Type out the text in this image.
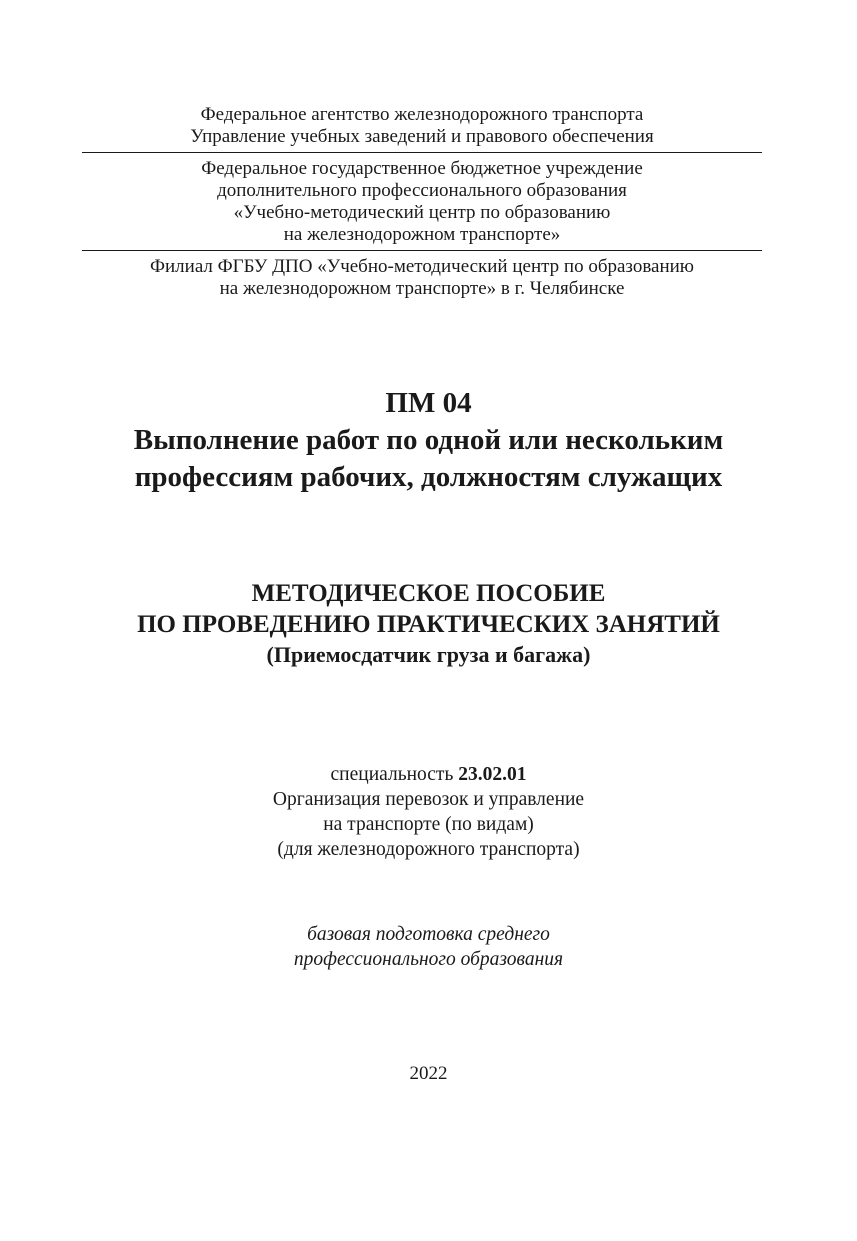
Федеральное агентство железнодорожного транспорта

Управление учебных заведений и правового обеспечения

Федеральное государственное бюджетное учреждение

дополнительного профессионального образования

«Учебно-методический центр по образованию

на железнодорожном транспорте»

Филиал ФГБУ ДПО «Учебно-методический центр по образованию

на железнодорожном транспорте» в г. Челябинске

ПМ 04

Выполнение работ по одной или нескольким

профессиям рабочих, должностям служащих

МЕТОДИЧЕСКОЕ ПОСОБИЕ

ПО ПРОВЕДЕНИЮ ПРАКТИЧЕСКИХ ЗАНЯТИЙ

(Приемосдатчик груза и багажа)

специальность 23.02.01

Организация перевозок и управление

на транспорте (по видам)

(для железнодорожного транспорта)

базовая подготовка среднего

профессионального образования

2022
